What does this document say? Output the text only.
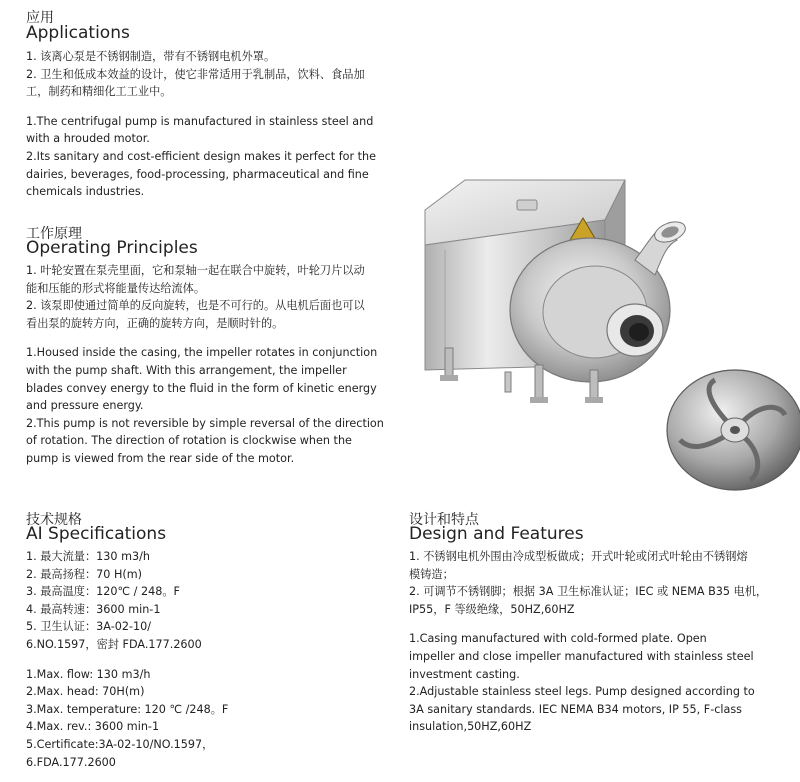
应用
Applications

1. 该离心泵是不锈钢制造，带有不锈钢电机外罩。

2. 卫生和低成本效益的设计，使它非常适用于乳制品，饮料、食品加

工，制药和精细化工工业中。

1.The centrifugal pump is manufactured in stainless steel and

with a hrouded motor.

2.Its sanitary and cost-efficient design makes it perfect for the

dairies, beverages, food-processing, pharmaceutical and fine

chemicals industries.

工作原理
Operating Principles

1. 叶轮安置在泵壳里面，它和泵轴一起在联合中旋转，叶轮刀片以动

能和压能的形式将能量传达给流体。

2. 该泵即使通过简单的反向旋转，也是不可行的。从电机后面也可以

看出泵的旋转方向，正确的旋转方向，是顺时针的。

1.Housed inside the casing, the impeller rotates in conjunction

with the pump shaft. With this arrangement, the impeller

blades convey energy to the fluid in the form of kinetic energy

and pressure energy.

2.This pump is not reversible by simple reversal of the direction

of rotation. The direction of rotation is clockwise when the

pump is viewed from the rear side of the motor.

技术规格
AI Specifications

1. 最大流量：130 m3/h

2. 最高扬程：70 H(m)

3. 最高温度：120℃ / 248。F

4. 最高转速：3600 min-1

5. 卫生认证：3A-02-10/

6.NO.1597，密封 FDA.177.2600

1.Max. flow: 130 m3/h

2.Max. head: 70H(m)

3.Max. temperature: 120 ℃ /248。F

4.Max. rev.: 3600 min-1

5.Certificate:3A-02-10/NO.1597，

6.FDA.177.2600

设计和特点
Design and Features

1. 不锈钢电机外围由冷成型板做成；开式叶轮或闭式叶轮由不锈钢熔

模铸造；

2. 可调节不锈钢脚；根据 3A 卫生标准认证；IEC 或 NEMA B35 电机，

IP55，F 等级绝缘，50HZ,60HZ

1.Casing manufactured with cold-formed plate. Open

impeller and close impeller manufactured with stainless steel

investment casting.

2.Adjustable stainless steel legs. Pump designed according to

3A sanitary standards. IEC NEMA B34 motors, IP 55, F-class

insulation,50HZ,60HZ
